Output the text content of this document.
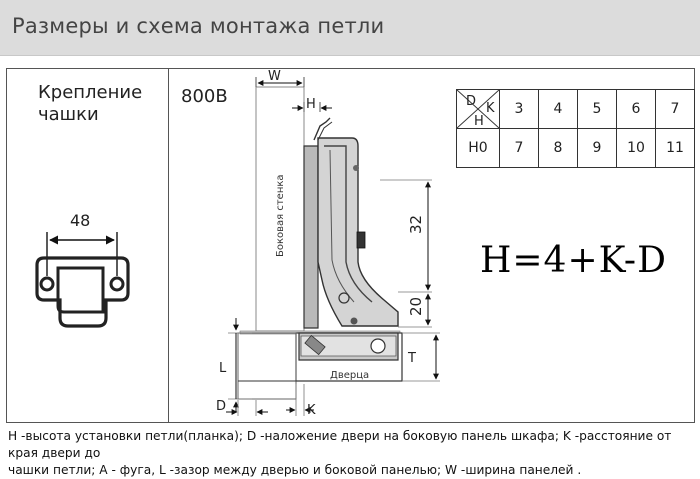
Размеры и схема монтажа петли
Крепление
чашки
800B	D K
H	3	4	5	6	7
H0	7	8	9	10	11
H=4+K-D
48	Боковая стенка
W
H
Дверца
32
20
T
L
D	K
H -высота установки петли(планка); D -наложение двери на боковую панель шкафа; K -расстояние от края двери до
чашки петли; A - фуга, L -зазор между дверью и боковой панелью; W -ширина панелей .
